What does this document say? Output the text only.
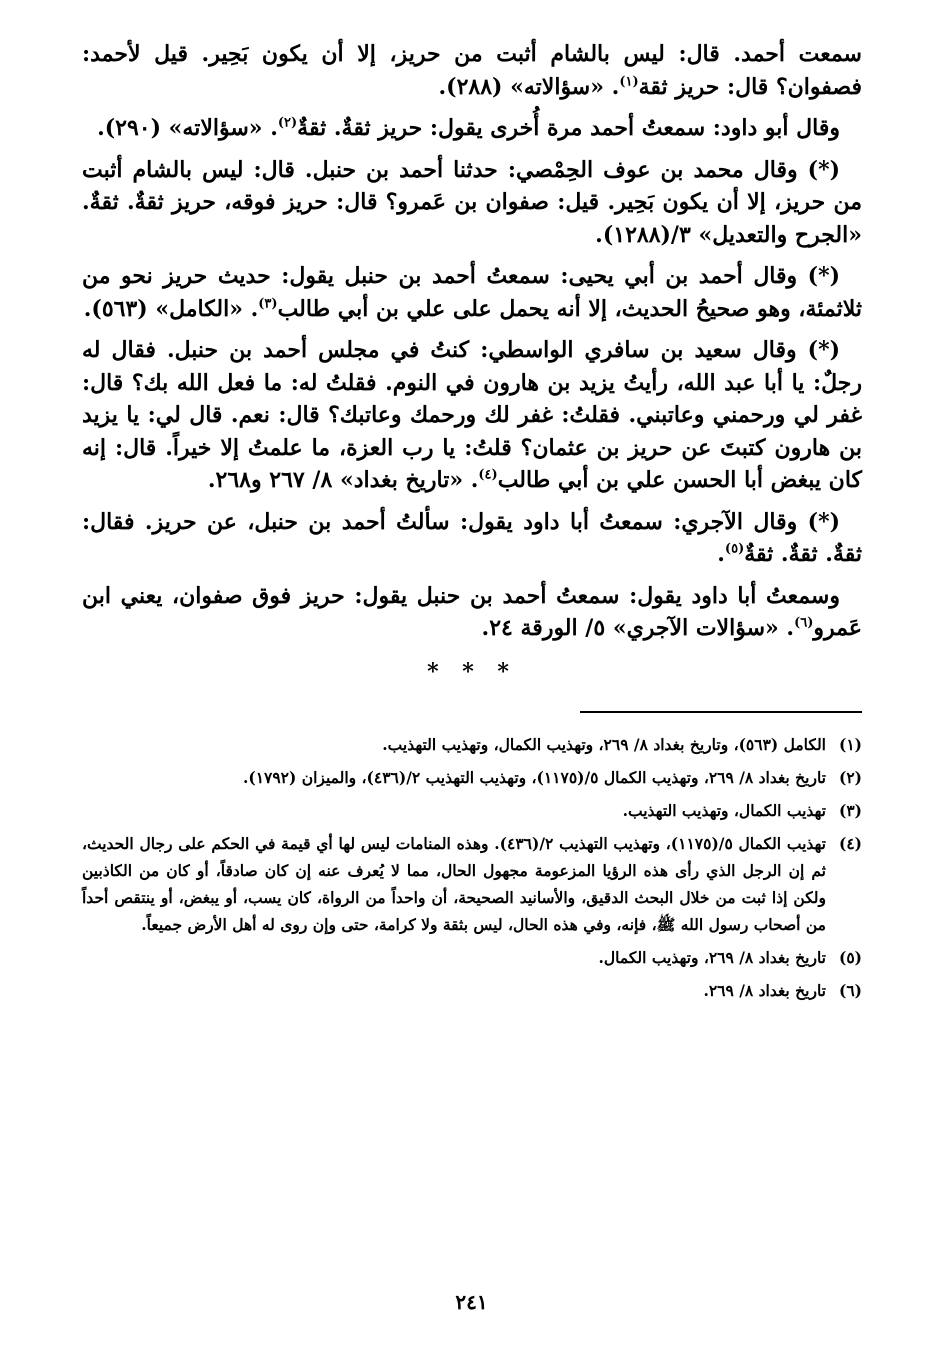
سمعت أحمد. قال: ليس بالشام أثبت من حريز، إلا أن يكون بَحِير. قيل لأحمد: فصفوان؟ قال: حريز ثقة$^{(١)}$. «سؤالاته» (٢٨٨).

وقال أبو داود: سمعتُ أحمد مرة أُخرى يقول: حريز ثقةٌ. ثقةٌ$^{(٢)}$. «سؤالاته» (٢٩٠).

(*) وقال محمد بن عوف الحِمْصي: حدثنا أحمد بن حنبل. قال: ليس بالشام أثبت من حريز، إلا أن يكون بَحِير. قيل: صفوان بن عَمرو؟ قال: حريز فوقه، حريز ثقةٌ. ثقةٌ. «الجرح والتعديل» ٣/(١٢٨٨).

(*) وقال أحمد بن أبي يحيى: سمعتُ أحمد بن حنبل يقول: حديث حريز نحو من ثلاثمئة، وهو صحيحُ الحديث، إلا أنه يحمل على علي بن أبي طالب$^{(٣)}$. «الكامل» (٥٦٣).

(*) وقال سعيد بن سافري الواسطي: كنتُ في مجلس أحمد بن حنبل. فقال له رجلٌ: يا أبا عبد الله، رأيتُ يزيد بن هارون في النوم. فقلتُ له: ما فعل الله بك؟ قال: غفر لي ورحمني وعاتبني. فقلتُ: غفر لك ورحمك وعاتبك؟ قال: نعم. قال لي: يا يزيد بن هارون كتبتَ عن حريز بن عثمان؟ قلتُ: يا رب العزة، ما علمتُ إلا خيراً. قال: إنه كان يبغض أبا الحسن علي بن أبي طالب$^{(٤)}$. «تاريخ بغداد» ٨/ ٢٦٧ و٢٦٨.

(*) وقال الآجري: سمعتُ أبا داود يقول: سألتُ أحمد بن حنبل، عن حريز. فقال: ثقةٌ. ثقةٌ. ثقةٌ$^{(٥)}$.

وسمعتُ أبا داود يقول: سمعتُ أحمد بن حنبل يقول: حريز فوق صفوان، يعني ابن عَمرو$^{(٦)}$. «سؤالات الآجري» ٥/ الورقة ٢٤.

* * *
(١)
الكامل (٥٦٣)، وتاريخ بغداد ٨/ ٢٦٩، وتهذيب الكمال، وتهذيب التهذيب.
(٢)
تاريخ بغداد ٨/ ٢٦٩، وتهذيب الكمال ٥/(١١٧٥)، وتهذيب التهذيب ٢/(٤٣٦)، والميزان (١٧٩٢).
(٣)
تهذيب الكمال، وتهذيب التهذيب.
(٤)
تهذيب الكمال ٥/(١١٧٥)، وتهذيب التهذيب ٢/(٤٣٦). وهذه المنامات ليس لها أي قيمة في الحكم على رجال الحديث، ثم إن الرجل الذي رأى هذه الرؤيا المزعومة مجهول الحال، مما لا يُعرف عنه إن كان صادقاً، أو كان من الكاذبين ولكن إذا ثبت من خلال البحث الدقيق، والأسانيد الصحيحة، أن واحداً من الرواة، كان يسب، أو يبغض، أو ينتقص أحداً من أصحاب رسول الله ﷺ، فإنه، وفي هذه الحال، ليس بثقة ولا كرامة، حتى وإن روى له أهل الأرض جميعاً.
(٥)
تاريخ بغداد ٨/ ٢٦٩، وتهذيب الكمال.
(٦)
تاريخ بغداد ٨/ ٢٦٩.
٢٤١
